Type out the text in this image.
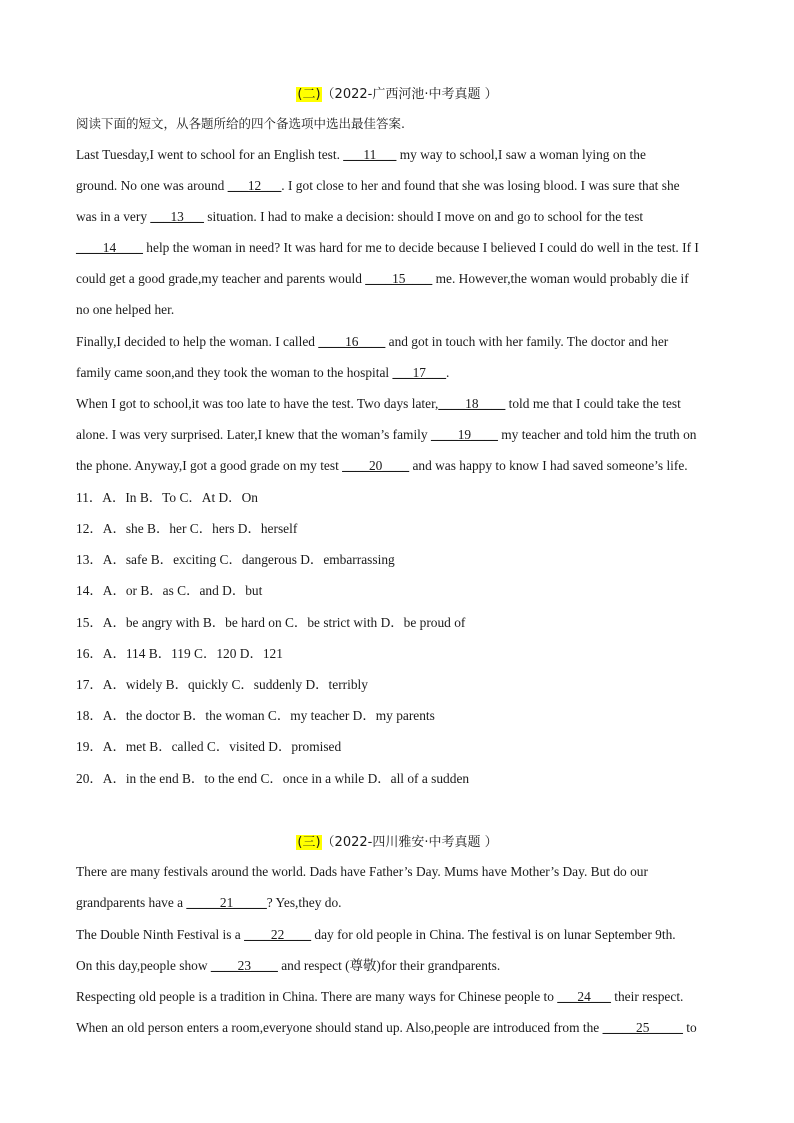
(二)（2022-广西河池·中考真题 ）
阅读下面的短文，从各题所给的四个备选项中选出最佳答案.
Last Tuesday,I went to school for an English test. ___11___ my way to school,I saw a woman lying on the
ground. No one was around ___12___. I got close to her and found that she was losing blood. I was sure that she
was in a very ___13___ situation. I had to make a decision: should I move on and go to school for the test
____14____ help the woman in need? It was hard for me to decide because I believed I could do well in the test. If I
could get a good grade,my teacher and parents would ____15____ me. However,the woman would probably die if
no one helped her.
Finally,I decided to help the woman. I called ____16____ and got in touch with her family. The doctor and her
family came soon,and they took the woman to the hospital ___17___.
When I got to school,it was too late to have the test. Two days later,____18____ told me that I could take the test
alone. I was very surprised. Later,I knew that the woman’s family ____19____ my teacher and told him the truth on
the phone. Anyway,I got a good grade on my test ____20____ and was happy to know I had saved someone’s life.
11．A．In B．To C．At D．On
12．A．she B．her C．hers D．herself
13．A．safe B．exciting C．dangerous D．embarrassing
14．A．or B．as C．and D．but
15．A．be angry with B．be hard on C．be strict with D．be proud of
16．A．114 B．119 C．120 D．121
17．A．widely B．quickly C．suddenly D．terribly
18．A．the doctor B．the woman C．my teacher D．my parents
19．A．met B．called C．visited D．promised
20．A．in the end B．to the end C．once in a while D．all of a sudden
(三)（2022-四川雅安·中考真题 ）
There are many festivals around the world. Dads have Father’s Day. Mums have Mother’s Day. But do our
grandparents have a _____21_____? Yes,they do.
The Double Ninth Festival is a ____22____ day for old people in China. The festival is on lunar September 9th.
On this day,people show ____23____ and respect (尊敬)for their grandparents.
Respecting old people is a tradition in China. There are many ways for Chinese people to ___24___ their respect.
When an old person enters a room,everyone should stand up. Also,people are introduced from the _____25_____ to
